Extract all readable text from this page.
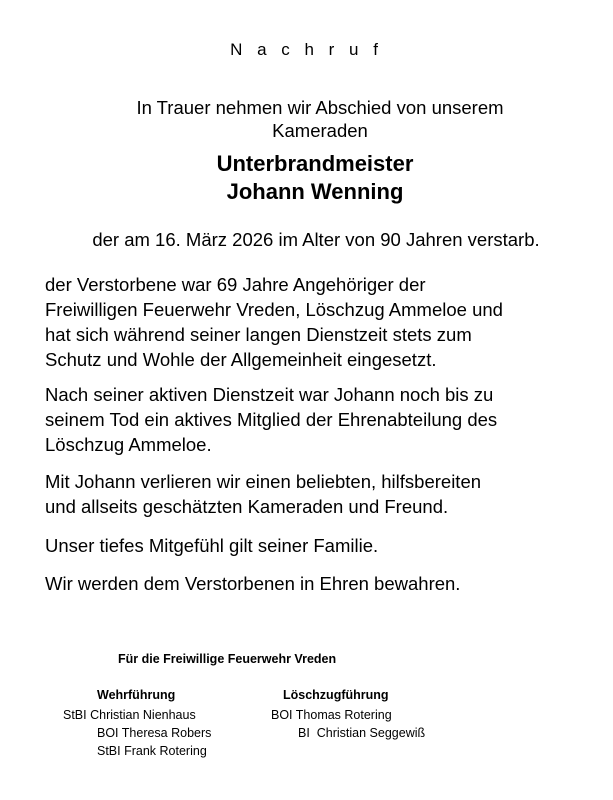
N a c h r u f
In Trauer nehmen wir Abschied von unserem
Kameraden
Unterbrandmeister
Johann Wenning
der am 16. März 2026 im Alter von 90 Jahren verstarb.
der Verstorbene war 69 Jahre Angehöriger der
Freiwilligen Feuerwehr Vreden, Löschzug Ammeloe und
hat sich während seiner langen Dienstzeit stets zum
Schutz und Wohle der Allgemeinheit eingesetzt.
Nach seiner aktiven Dienstzeit war Johann noch bis zu
seinem Tod ein aktives Mitglied der Ehrenabteilung des
Löschzug Ammeloe.
Mit Johann verlieren wir einen beliebten, hilfsbereiten
und allseits geschätzten Kameraden und Freund.
Unser tiefes Mitgefühl gilt seiner Familie.
Wir werden dem Verstorbenen in Ehren bewahren.
Für die Freiwillige Feuerwehr Vreden
Wehrführung	Löschzugführung
StBI Christian Nienhaus
BOI Theresa Robers
StBI Frank Rotering
BOI Thomas Rotering
BI  Christian Seggewiß
